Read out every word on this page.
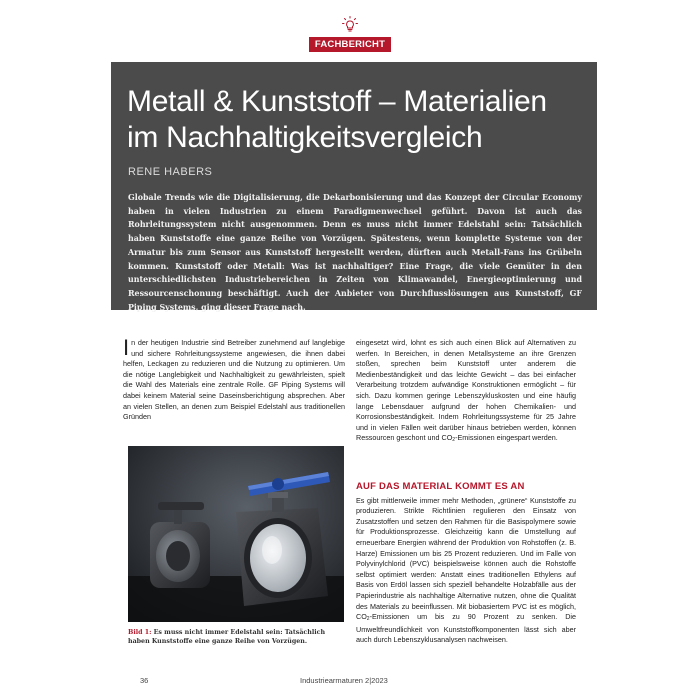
FACHBERICHT
Metall & Kunststoff – Materialien
im Nachhaltigkeitsvergleich
RENE HABERS
Globale Trends wie die Digitalisierung, die Dekarbonisierung und das Konzept der Circular Economy haben in vielen Industrien zu einem Paradigmenwechsel geführt. Davon ist auch das Rohrleitungssystem nicht ausgenommen. Denn es muss nicht immer Edelstahl sein: Tatsächlich haben Kunststoffe eine ganze Reihe von Vorzügen. Spätestens, wenn komplette Systeme von der Armatur bis zum Sensor aus Kunststoff hergestellt werden, dürften auch Metall-Fans ins Grübeln kommen. Kunststoff oder Metall: Was ist nachhaltiger? Eine Frage, die viele Gemüter in den unterschiedlichsten Industriebereichen in Zeiten von Klimawandel, Energieoptimierung und Ressourcenschonung beschäftigt. Auch der Anbieter von Durchflusslösungen aus Kunststoff, GF Piping Systems, ging dieser Frage nach.
I n der heutigen Industrie sind Betreiber zunehmend auf langlebige und sichere Rohrleitungssysteme angewiesen, die ihnen dabei helfen, Leckagen zu reduzieren und die Nutzung zu optimieren. Um die nötige Langlebigkeit und Nachhaltigkeit zu gewährleisten, spielt die Wahl des Materials eine zentrale Rolle. GF Piping Systems will dabei keinem Material seine Daseinsberichtigung absprechen. Aber an vielen Stellen, an denen zum Beispiel Edelstahl aus traditionellen Gründen
eingesetzt wird, lohnt es sich auch einen Blick auf Alternativen zu werfen. In Bereichen, in denen Metallsysteme an ihre Grenzen stoßen, sprechen beim Kunststoff unter anderem die Medienbeständigkeit und das leichte Gewicht – das bei einfacher Verarbeitung trotzdem aufwändige Konstruktionen ermöglicht – für sich. Dazu kommen geringe Lebenszykluskosten und eine häufig lange Lebensdauer aufgrund der hohen Chemikalien- und Korrosionsbeständigkeit. Indem Rohrleitungssysteme für 25 Jahre und in vielen Fällen weit darüber hinaus betrieben werden, können Ressourcen geschont und $CO_2$-Emissionen eingespart werden.
AUF DAS MATERIAL KOMMT ES AN
Es gibt mittlerweile immer mehr Methoden, „grünere“ Kunststoffe zu produzieren. Strikte Richtlinien regulieren den Einsatz von Zusatzstoffen und setzen den Rahmen für die Basispolymere sowie für Produktionsprozesse. Gleichzeitig kann die Umstellung auf erneuerbare Energien während der Produktion von Rohstoffen (z. B. Harze) Emissionen um bis 25 Prozent reduzieren. Und im Falle von Polyvinylchlorid (PVC) beispielsweise können auch die Rohstoffe selbst optimiert werden: Anstatt eines traditionellen Ethylens auf Basis von Erdöl lassen sich speziell behandelte Holzabfälle aus der Papierindustrie als nachhaltige Alternative nutzen, ohne die Qualität des Materials zu beeinflussen. Mit biobasiertem PVC ist es möglich, $CO_2$-Emissionen um bis zu 90 Prozent zu senken. Die Umweltfreundlichkeit von Kunststoffkomponenten lässt sich aber auch durch Lebenszyklusanalysen nachweisen.
Bild 1: Es muss nicht immer Edelstahl sein: Tatsächlich haben Kunststoffe eine ganze Reihe von Vorzügen.
36	Industriearmaturen 2|2023
